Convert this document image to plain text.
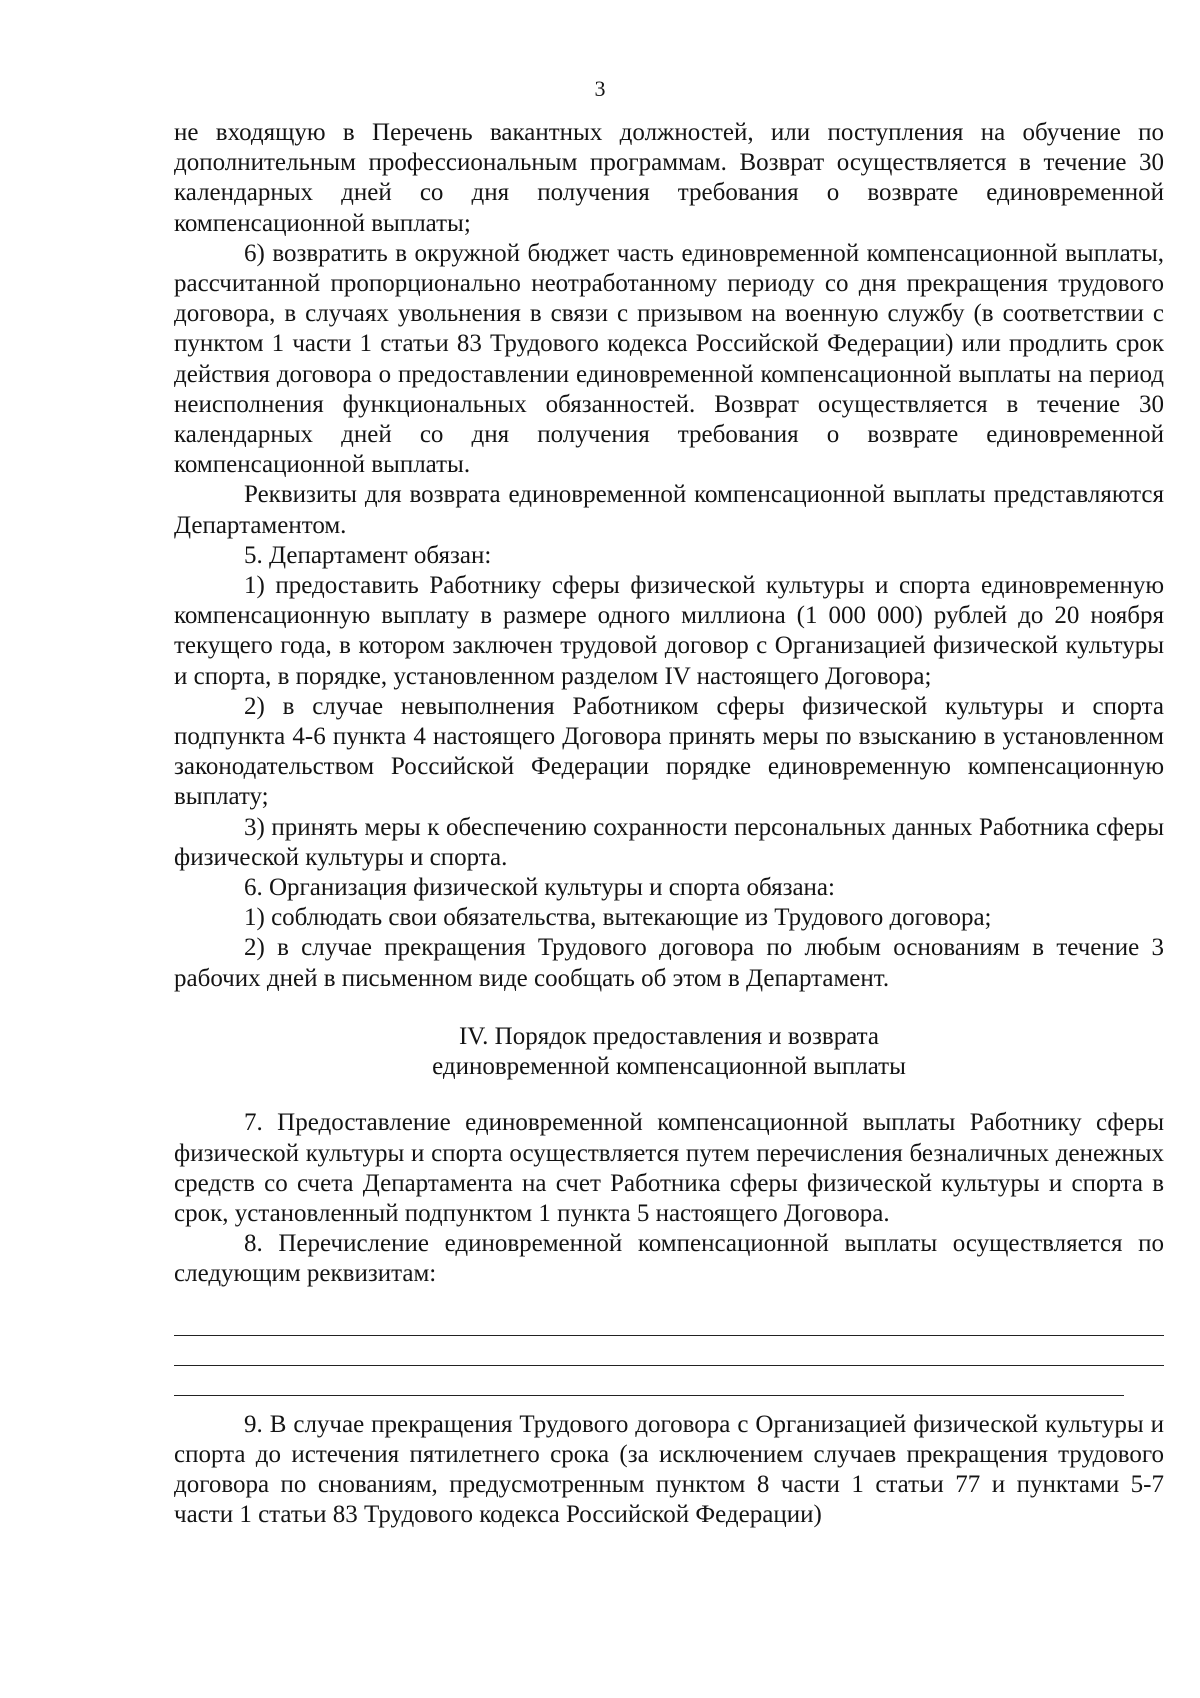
3

не входящую в Перечень вакантных должностей, или поступления на обучение по дополнительным профессиональным программам. Возврат осуществляется в течение 30 календарных дней со дня получения требования о возврате единовременной компенсационной выплаты;

6) возвратить в окружной бюджет часть единовременной компенсационной выплаты, рассчитанной пропорционально неотработанному периоду со дня прекращения трудового договора, в случаях увольнения в связи с призывом на военную службу (в соответствии с пунктом 1 части 1 статьи 83 Трудового кодекса Российской Федерации) или продлить срок действия договора о предоставлении единовременной компенсационной выплаты на период неисполнения функциональных обязанностей. Возврат осуществляется в течение 30 календарных дней со дня получения требования о возврате единовременной компенсационной выплаты.

Реквизиты для возврата единовременной компенсационной выплаты представляются Департаментом.

5. Департамент обязан:

1) предоставить Работнику сферы физической культуры и спорта единовременную компенсационную выплату в размере одного миллиона (1 000 000) рублей до 20 ноября текущего года, в котором заключен трудовой договор с Организацией физической культуры и спорта, в порядке, установленном разделом IV настоящего Договора;

2) в случае невыполнения Работником сферы физической культуры и спорта подпункта 4-6 пункта 4 настоящего Договора принять меры по взысканию в установленном законодательством Российской Федерации порядке единовременную компенсационную выплату;

3) принять меры к обеспечению сохранности персональных данных Работника сферы физической культуры и спорта.

6. Организация физической культуры и спорта обязана:

1) соблюдать свои обязательства, вытекающие из Трудового договора;

2) в случае прекращения Трудового договора по любым основаниям в течение 3 рабочих дней в письменном виде сообщать об этом в Департамент.

IV. Порядок предоставления и возврата
единовременной компенсационной выплаты

7. Предоставление единовременной компенсационной выплаты Работнику сферы физической культуры и спорта осуществляется путем перечисления безналичных денежных средств со счета Департамента на счет Работника сферы физической культуры и спорта в срок, установленный подпунктом 1 пункта 5 настоящего Договора.

8. Перечисление единовременной компенсационной выплаты осуществляется по следующим реквизитам:

9. В случае прекращения Трудового договора с Организацией физической культуры и спорта до истечения пятилетнего срока (за исключением случаев прекращения трудового договора по снованиям, предусмотренным пунктом 8 части 1 статьи 77 и пунктами 5-7 части 1 статьи 83 Трудового кодекса Российской Федерации)
